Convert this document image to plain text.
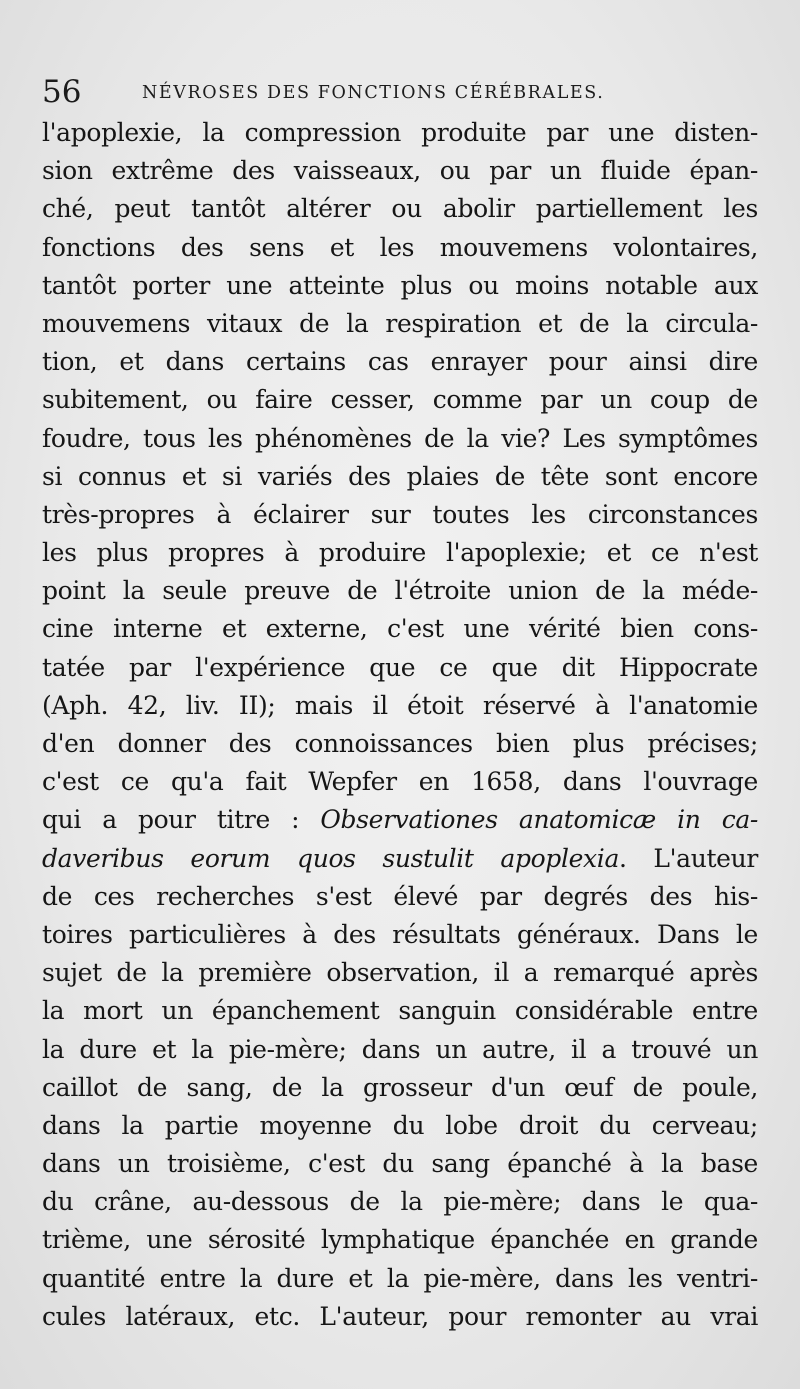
56	NÉVROSES DES FONCTIONS CÉRÉBRALES.
l'apoplexie, la compression produite par une disten-
sion extrême des vaisseaux, ou par un fluide épan-
ché, peut tantôt altérer ou abolir partiellement les
fonctions des sens et les mouvemens volontaires,
tantôt porter une atteinte plus ou moins notable aux
mouvemens vitaux de la respiration et de la circula-
tion, et dans certains cas enrayer pour ainsi dire
subitement, ou faire cesser, comme par un coup de
foudre, tous les phénomènes de la vie? Les symptômes
si connus et si variés des plaies de tête sont encore
très-propres à éclairer sur toutes les circonstances
les plus propres à produire l'apoplexie; et ce n'est
point la seule preuve de l'étroite union de la méde-
cine interne et externe, c'est une vérité bien cons-
tatée par l'expérience que ce que dit Hippocrate
(Aph. 42, liv. II); mais il étoit réservé à l'anatomie
d'en donner des connoissances bien plus précises;
c'est ce qu'a fait Wepfer en 1658, dans l'ouvrage
qui a pour titre : Observationes anatomicæ in ca-
daveribus eorum quos sustulit apoplexia. L'auteur
de ces recherches s'est élevé par degrés des his-
toires particulières à des résultats généraux. Dans le
sujet de la première observation, il a remarqué après
la mort un épanchement sanguin considérable entre
la dure et la pie-mère; dans un autre, il a trouvé un
caillot de sang, de la grosseur d'un œuf de poule,
dans la partie moyenne du lobe droit du cerveau;
dans un troisième, c'est du sang épanché à la base
du crâne, au-dessous de la pie-mère; dans le qua-
trième, une sérosité lymphatique épanchée en grande
quantité entre la dure et la pie-mère, dans les ventri-
cules latéraux, etc. L'auteur, pour remonter au vrai
